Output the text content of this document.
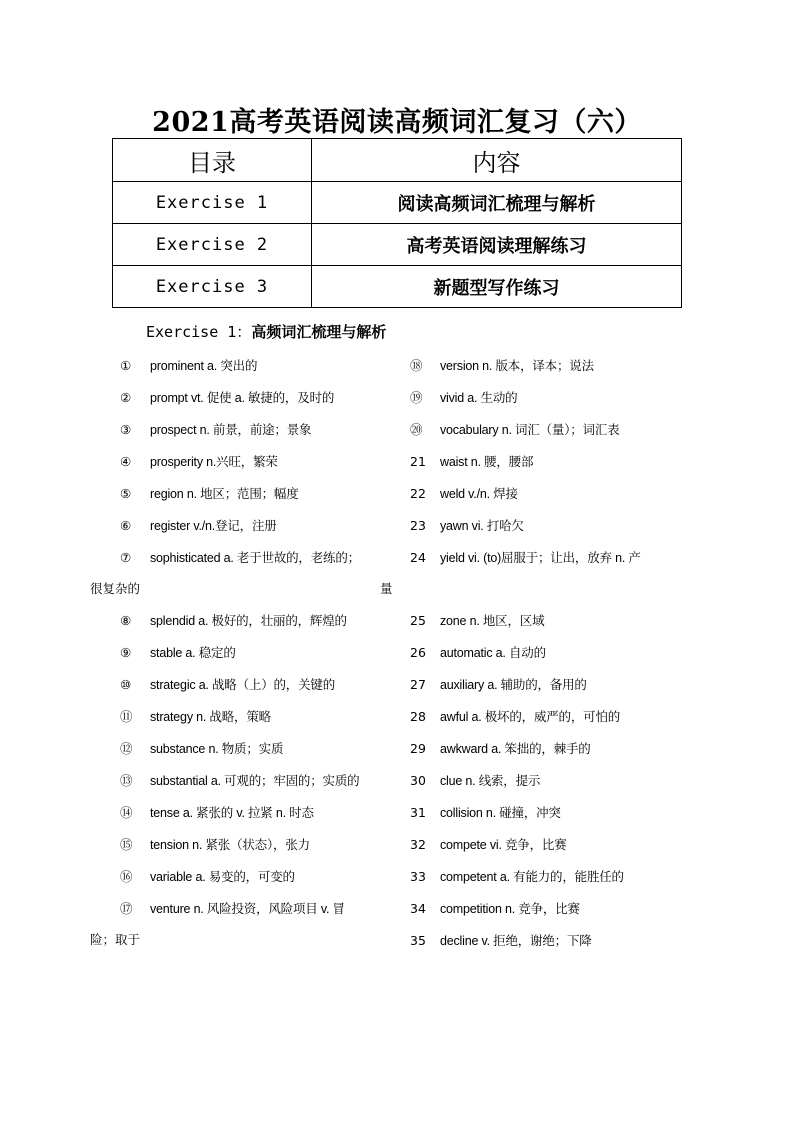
2021高考英语阅读高频词汇复习（六）
目录	内容
Exercise 1	阅读高频词汇梳理与解析
Exercise 2	高考英语阅读理解练习
Exercise 3	新题型写作练习
Exercise 1：高频词汇梳理与解析
① prominent a. 突出的
② prompt vt. 促使 a. 敏捷的，及时的
③ prospect n. 前景，前途；景象
④ prosperity n.兴旺，繁荣
⑤ region n. 地区；范围；幅度
⑥ register v./n.登记，注册
⑦ sophisticated a. 老于世故的，老练的；
很复杂的
⑧ splendid a. 极好的，壮丽的，辉煌的
⑨ stable a. 稳定的
⑩ strategic a. 战略（上）的，关键的
⑪ strategy n. 战略，策略
⑫ substance n. 物质；实质
⑬ substantial a. 可观的；牢固的；实质的
⑭ tense a. 紧张的 v. 拉紧 n. 时态
⑮ tension n. 紧张（状态），张力
⑯ variable a. 易变的，可变的
⑰ venture n. 风险投资，风险项目 v. 冒
险；取于
⑱ version n. 版本，译本；说法
⑲ vivid a. 生动的
⑳ vocabulary n. 词汇（量）；词汇表
21 waist n. 腰，腰部
22 weld v./n. 焊接
23 yawn vi. 打哈欠
24 yield vi. (to)屈服于；让出，放弃 n. 产
量
25 zone n. 地区，区域
26 automatic a. 自动的
27 auxiliary a. 辅助的，备用的
28 awful a. 极坏的，威严的，可怕的
29 awkward a. 笨拙的，棘手的
30 clue n. 线索，提示
31 collision n. 碰撞，冲突
32 compete vi. 竞争，比赛
33 competent a. 有能力的，能胜任的
34 competition n. 竞争，比赛
35 decline v. 拒绝，谢绝；下降
